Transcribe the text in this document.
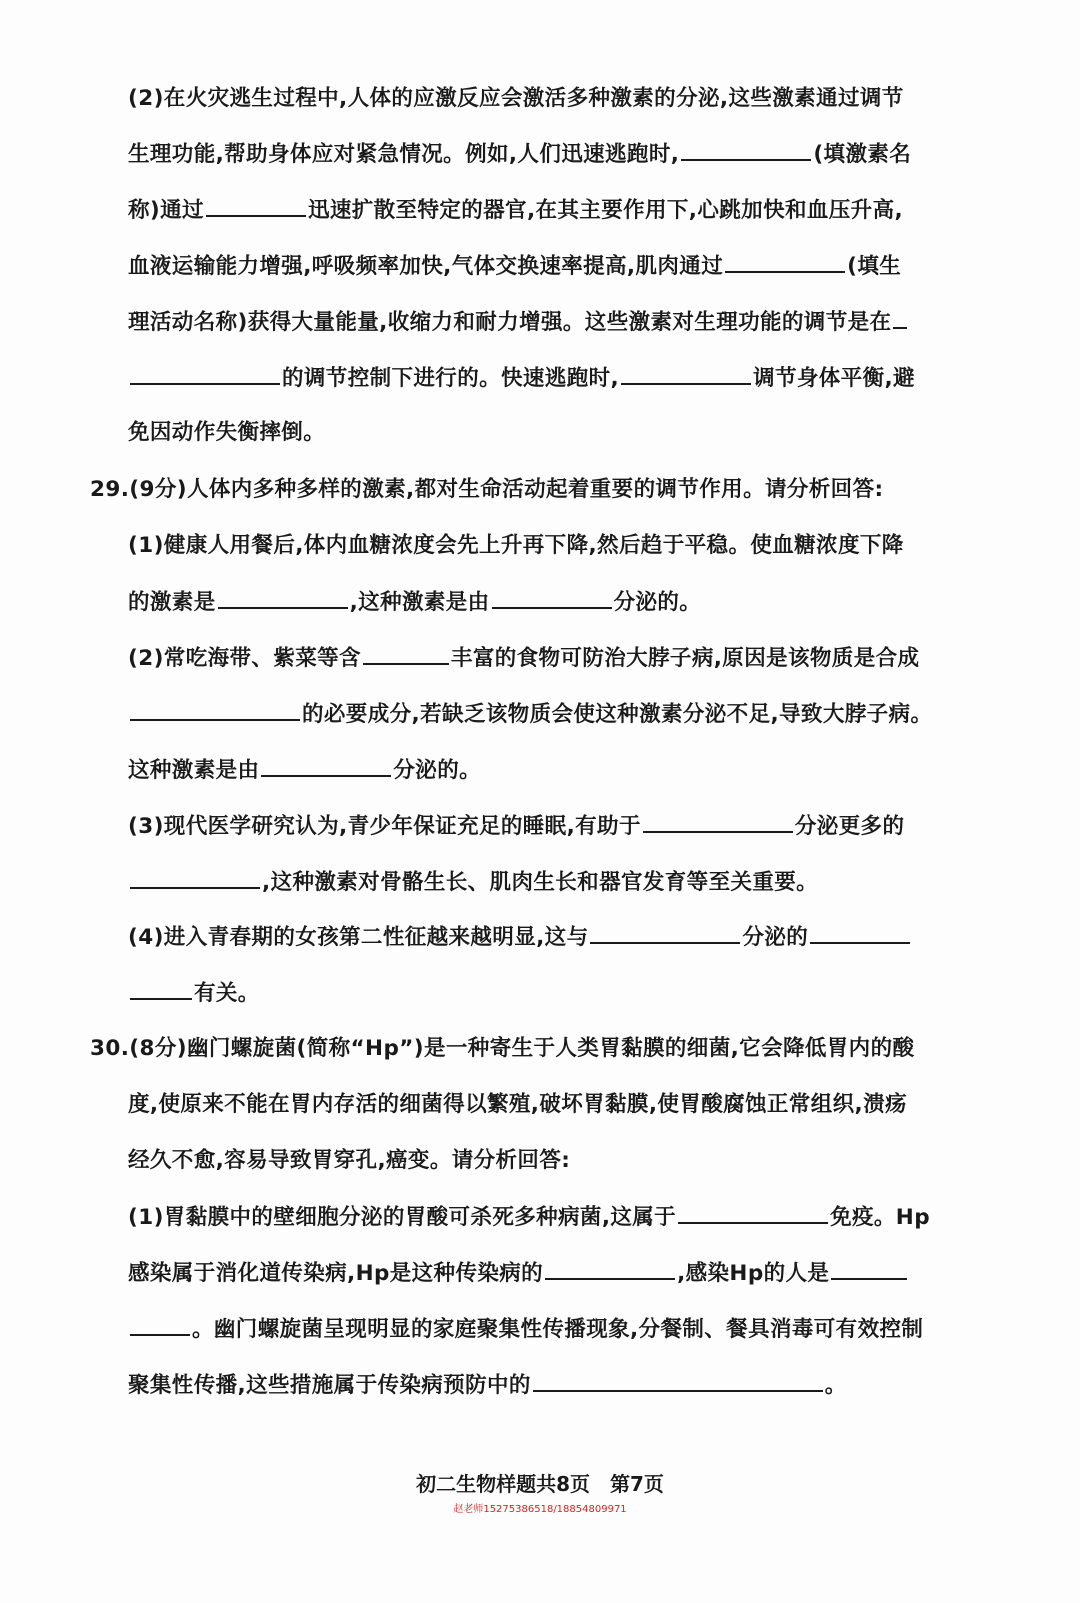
(2)在火灾逃生过程中,人体的应激反应会激活多种激素的分泌,这些激素通过调节
生理功能,帮助身体应对紧急情况。例如,人们迅速逃跑时,	(填激素名
称)通过	迅速扩散至特定的器官,在其主要作用下,心跳加快和血压升高,
血液运输能力增强,呼吸频率加快,气体交换速率提高,肌肉通过	(填生
理活动名称)获得大量能量,收缩力和耐力增强。这些激素对生理功能的调节是在
的调节控制下进行的。快速逃跑时,	调节身体平衡,避
免因动作失衡摔倒。
29.(9分)人体内多种多样的激素,都对生命活动起着重要的调节作用。请分析回答:
(1)健康人用餐后,体内血糖浓度会先上升再下降,然后趋于平稳。使血糖浓度下降
的激素是	,这种激素是由	分泌的。
(2)常吃海带、紫菜等含	丰富的食物可防治大脖子病,原因是该物质是合成
的必要成分,若缺乏该物质会使这种激素分泌不足,导致大脖子病。
这种激素是由	分泌的。
(3)现代医学研究认为,青少年保证充足的睡眠,有助于	分泌更多的
,这种激素对骨骼生长、肌肉生长和器官发育等至关重要。
(4)进入青春期的女孩第二性征越来越明显,这与	分泌的
有关。
30.(8分)幽门螺旋菌(简称“Hp”)是一种寄生于人类胃黏膜的细菌,它会降低胃内的酸
度,使原来不能在胃内存活的细菌得以繁殖,破坏胃黏膜,使胃酸腐蚀正常组织,溃疡
经久不愈,容易导致胃穿孔,癌变。请分析回答:
(1)胃黏膜中的壁细胞分泌的胃酸可杀死多种病菌,这属于	免疫。Hp
感染属于消化道传染病,Hp是这种传染病的	,感染Hp的人是
。幽门螺旋菌呈现明显的家庭聚集性传播现象,分餐制、餐具消毒可有效控制
聚集性传播,这些措施属于传染病预防中的	。
初二生物样题共8页　第7页
赵老师15275386518/18854809971
